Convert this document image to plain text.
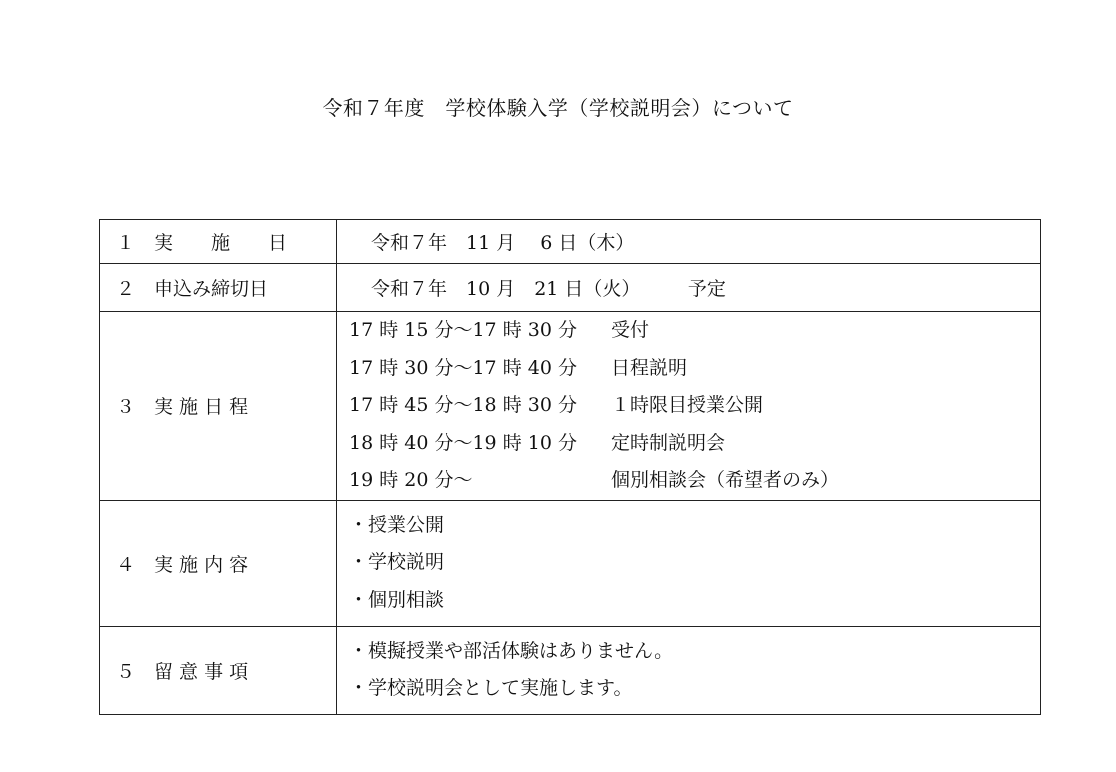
令和７年度　学校体験入学（学校説明会）について
１　実　　施　　日	令和７年　11 月　 6 日（木）
２　申込み締切日	令和７年　10 月　21 日（火）　　　予定
３　実 施 日 程	17 時 15 分～17 時 30 分 受付
17 時 30 分～17 時 40 分 日程説明
17 時 45 分～18 時 30 分 １時限目授業公開
18 時 40 分～19 時 10 分 定時制説明会
19 時 20 分～ 個別相談会（希望者のみ）

４　実 施 内 容	・授業公開
・学校説明
・個別相談

５　留 意 事 項	・模擬授業や部活体験はありません。
・学校説明会として実施します。
